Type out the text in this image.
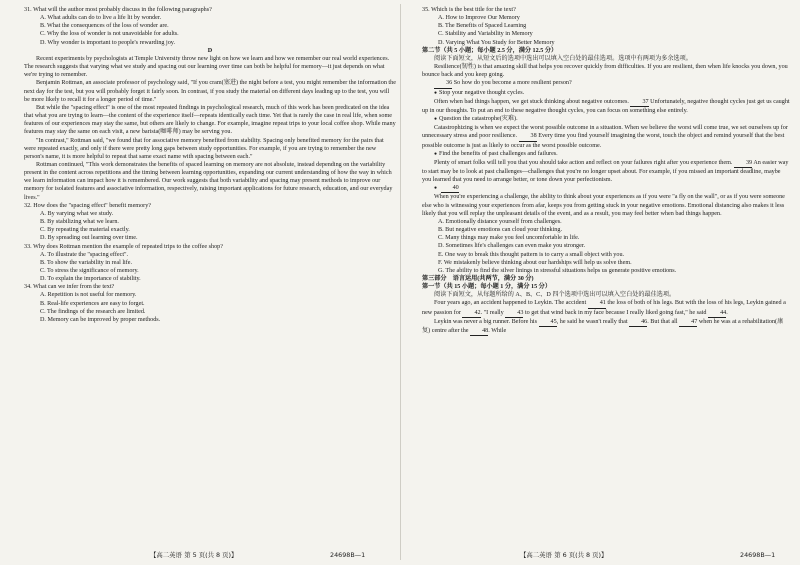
31. What will the author most probably discuss in the following paragraphs?

A. What adults can do to live a life lit by wonder.

B. What the consequences of the loss of wonder are.

C. Why the loss of wonder is not unavoidable for adults.

D. Why wonder is important to people's rewarding joy.

D

Recent experiments by psychologists at Temple University throw new light on how we learn and how we remember our real world experiences. The research suggests that varying what we study and spacing out our learning over time can both be helpful for memory—it just depends on what we're trying to remember.

Benjamin Rottman, an associate professor of psychology said, "If you cram(塞进) the night before a test, you might remember the information the next day for the test, but you will probably forget it fairly soon. In contrast, if you study the material on different days leading up to the test, you will be more likely to recall it for a longer period of time."

But while the "spacing effect" is one of the most repeated findings in psychological research, much of this work has been predicated on the idea that what you are trying to learn—the content of the experience itself—repeats identically each time. Yet that is rarely the case in real life, when some features of our experiences may stay the same, but others are likely to change. For example, imagine repeat trips to your local coffee shop. While many features may stay the same on each visit, a new barista(咖啡师) may be serving you.

"In contrast," Rottman said, "we found that for associative memory benefited from stability. Spacing only benefited memory for the pairs that were repeated exactly, and only if there were pretty long gaps between study opportunities. For example, if you are trying to remember the new person's name, it is more helpful to repeat that same exact name with spacing between each."

Rottman continued, "This work demonstrates the benefits of spaced learning on memory are not absolute, instead depending on the variability present in the content across repetitions and the timing between learning opportunities, expanding our current understanding of how the way in which we learn information can impact how it is remembered. Our work suggests that both variability and spacing may present methods to improve our memory for isolated features and associative information, respectively, raising important applications for future research, education, and our everyday lives."

32. How does the "spacing effect" benefit memory?

A. By varying what we study.

B. By stabilizing what we learn.

C. By repeating the material exactly.

D. By spreading out learning over time.

33. Why does Rottman mention the example of repeated trips to the coffee shop?

A. To illustrate the "spacing effect".

B. To show the variability in real life.

C. To stress the significance of memory.

D. To explain the importance of stability.

34. What can we infer from the text?

A. Repetition is not useful for memory.

B. Real-life experiences are easy to forget.

C. The findings of the research are limited.

D. Memory can be improved by proper methods.

35. Which is the best title for the text?

A. How to Improve Our Memory

B. The Benefits of Spaced Learning

C. Stability and Variability in Memory

D. Varying What You Study for Better Memory

第二节（共 5 小题；每小题 2.5 分，满分 12.5 分）

阅读下面短文，从短文后的选项中选出可以填入空白处的最佳选项。选项中有两项为多余选项。

Resilience(韧性) is that amazing skill that helps you recover quickly from difficulties. If you are resilient, then when life knocks you down, you bounce back and you keep going.

36 So how do you become a more resilient person?

● Stop your negative thought cycles.

Often when bad things happen, we get stuck thinking about negative outcomes. 37 Unfortunately, negative thought cycles just get us caught up in our thoughts. To put an end to these negative thought cycles, you can focus on something else entirely.

● Question the catastrophe(灾难).

Catastrophizing is when we expect the worst possible outcome in a situation. When we believe the worst will come true, we set ourselves up for unnecessary stress and poor resilience. 38 Every time you find yourself imagining the worst, touch the object and remind yourself that the best possible outcome is just as likely to occur as the worst possible outcome.

● Find the benefits of past challenges and failures.

Plenty of smart folks will tell you that you should take action and reflect on your failures right after you experience them. 39 An easier way to start may be to look at past challenges—challenges that you're no longer upset about. For example, if you missed an important deadline, maybe you learned that you need to arrange better, or tone down your perfectionism.

● 40

When you're experiencing a challenge, the ability to think about your experiences as if you were "a fly on the wall", or as if you were someone else who is witnessing your experiences from afar, keeps you from getting stuck in your negative emotions. Emotional distancing also makes it less likely that you will replay the unpleasant details of the event, and as a result, you may feel better when bad things happen.

A. Emotionally distance yourself from challenges.

B. But negative emotions can cloud your thinking.

C. Many things may make you feel uncomfortable in life.

D. Sometimes life's challenges can even make you stronger.

E. One way to break this thought pattern is to carry a small object with you.

F. We mistakenly believe thinking about our hardships will help us solve them.

G. The ability to find the silver linings in stressful situations helps us generate positive emotions.

第三部分　语言运用(共两节，满分 30 分)

第一节（共 15 小题；每小题 1 分，满分 15 分）

阅读下面短文，从每题所给的 A、B、C、D 四个选项中选出可以填入空白处的最佳选项。

Four years ago, an accident happened to Leykin. The accident 41 the loss of both of his legs. But with the loss of his legs, Leykin gained a new passion for 42. "I really 43 to get that wind back in my face because I really liked going fast," he said 44.

Leykin was never a big runner. Before his 45, he said he wasn't really that 46. But that all 47 when he was at a rehabilitation(康复) centre after the 48. While

【高二英语 第 5 页(共 8 页)】	24698B—1	【高二英语 第 6 页(共 8 页)】	24698B—1
